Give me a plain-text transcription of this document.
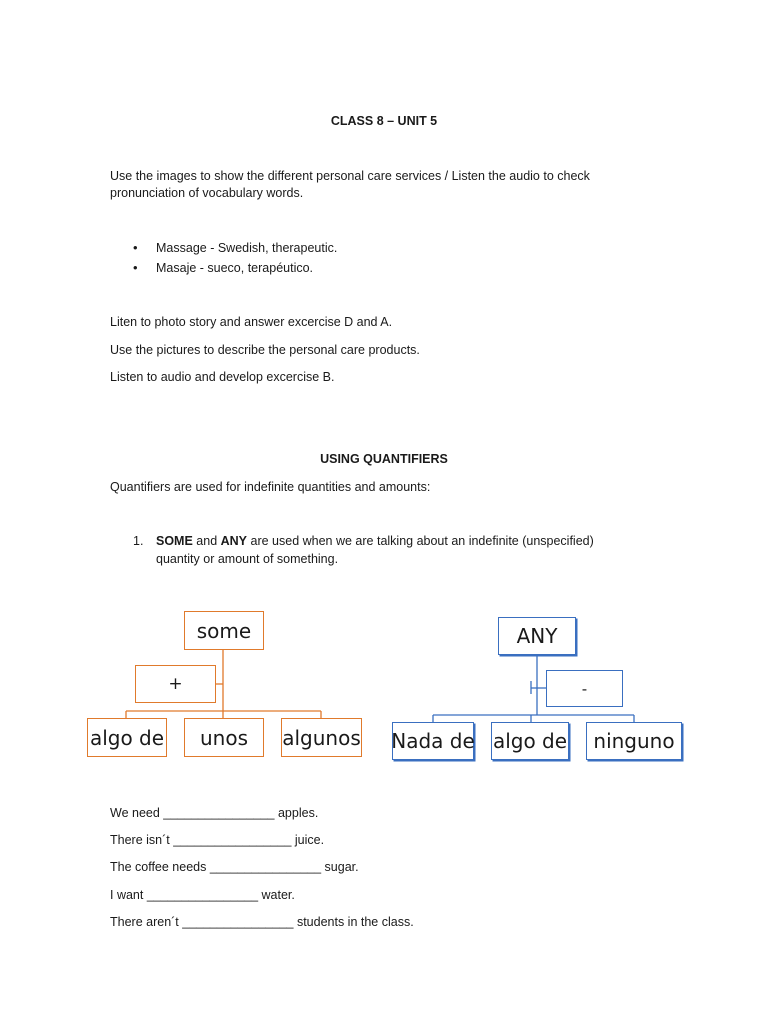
CLASS 8 – UNIT 5
Use the images to show the different personal care services / Listen the audio to check
pronunciation of vocabulary words.
• Massage - Swedish, therapeutic.
• Masaje - sueco, terapéutico.
Liten to photo story and answer excercise D and A.
Use the pictures to describe the personal care products.
Listen to audio and develop excercise B.
USING QUANTIFIERS
Quantifiers are used for indefinite quantities and amounts:
1. SOME and ANY are used when we are talking about an indefinite (unspecified)
quantity or amount of something.
some
+
algo de	unos	algunos
ANY
-
Nada de algo de	ninguno
We need ________________ apples.
There isn´t _________________ juice.
The coffee needs ________________ sugar.
I want ________________ water.
There aren´t ________________ students in the class.
